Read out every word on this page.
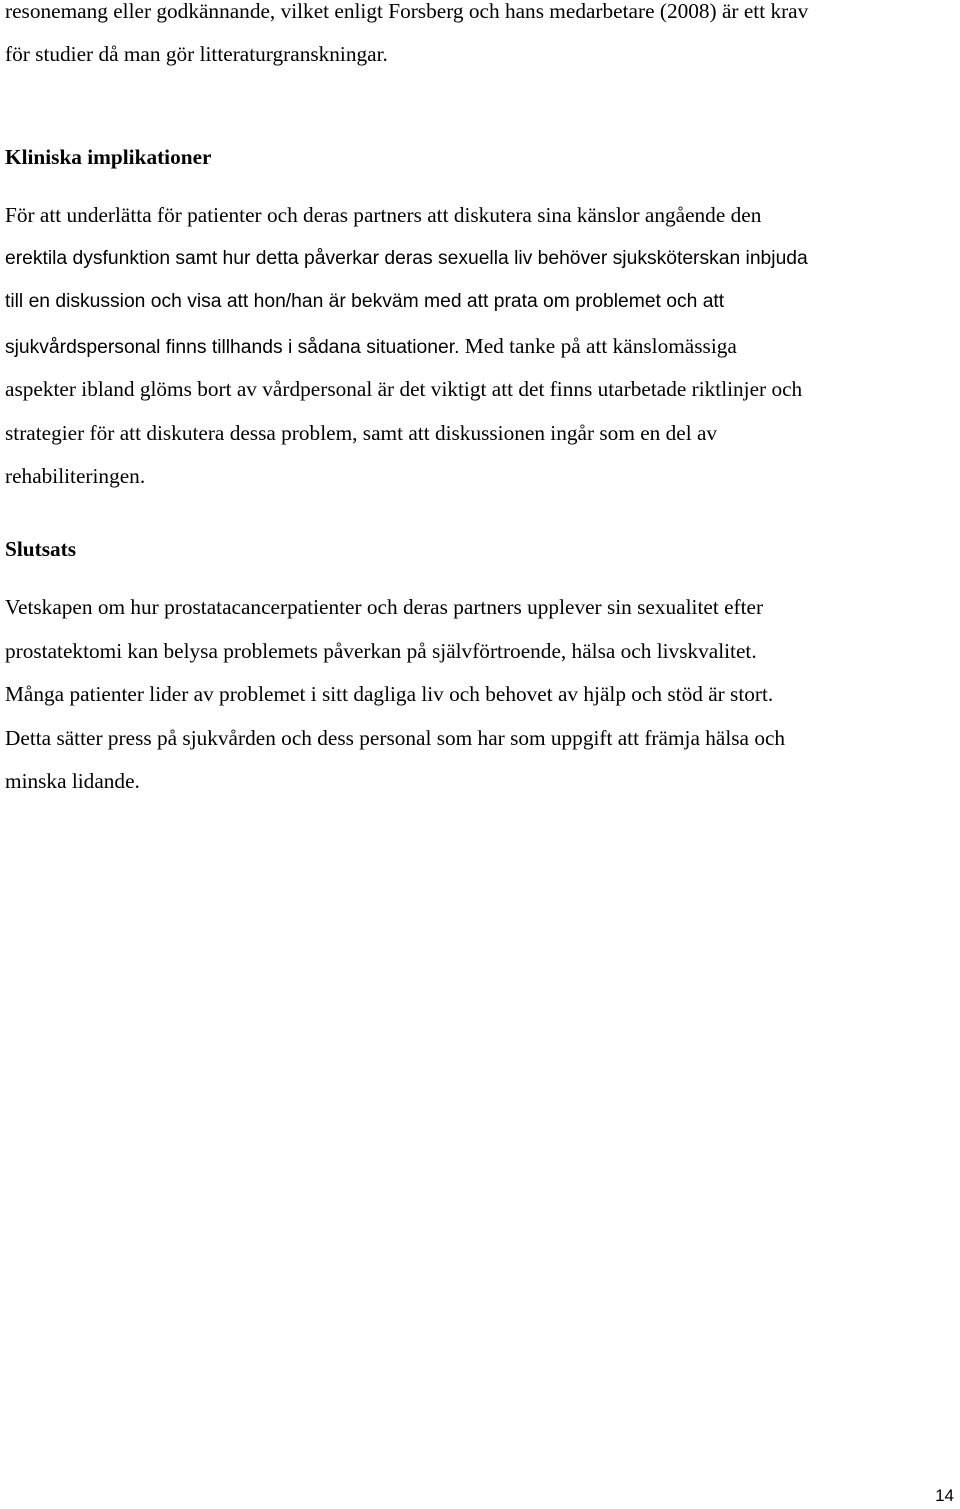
resonemang eller godkännande, vilket enligt Forsberg och hans medarbetare (2008) är ett krav

för studier då man gör litteraturgranskningar.

Kliniska implikationer

För att underlätta för patienter och deras partners att diskutera sina känslor angående den

erektila dysfunktion samt hur detta påverkar deras sexuella liv behöver sjuksköterskan inbjuda

till en diskussion och visa att hon/han är bekväm med att prata om problemet och att

sjukvårdspersonal finns tillhands i sådana situationer. Med tanke på att känslomässiga

aspekter ibland glöms bort av vårdpersonal är det viktigt att det finns utarbetade riktlinjer och

strategier för att diskutera dessa problem, samt att diskussionen ingår som en del av

rehabiliteringen.

Slutsats

Vetskapen om hur prostatacancerpatienter och deras partners upplever sin sexualitet efter

prostatektomi kan belysa problemets påverkan på självförtroende, hälsa och livskvalitet.

Många patienter lider av problemet i sitt dagliga liv och behovet av hjälp och stöd är stort.

Detta sätter press på sjukvården och dess personal som har som uppgift att främja hälsa och

minska lidande.

14
